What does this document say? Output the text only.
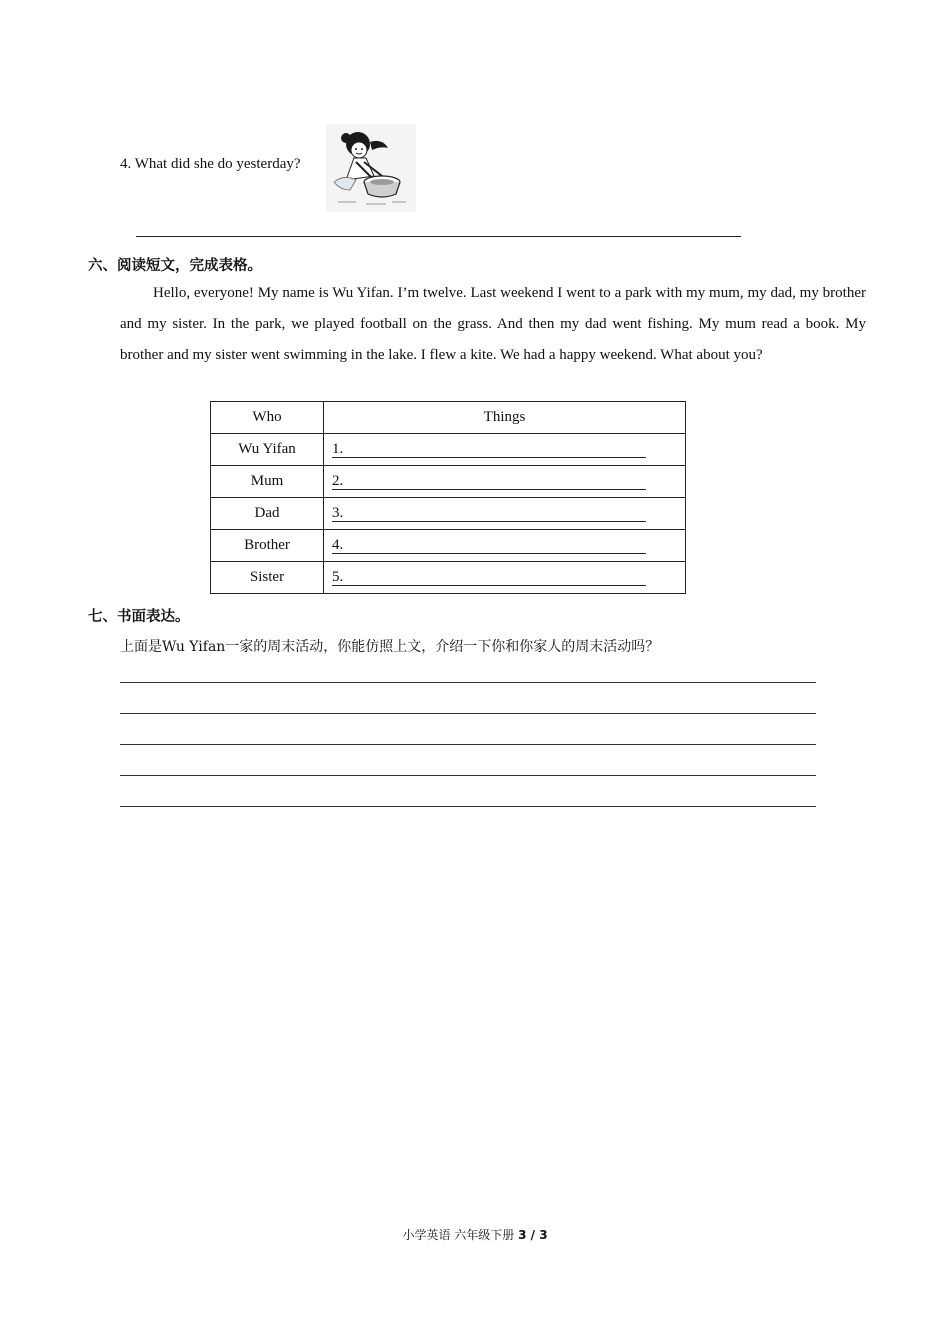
4. What did she do yesterday?
六、阅读短文，完成表格。
Hello, everyone! My name is Wu Yifan. I’m twelve. Last weekend I went to a park with my mum, my dad, my brother and my sister. In the park, we played football on the grass. And then my dad went fishing. My mum read a book. My brother and my sister went swimming in the lake. I flew a kite. We had a happy weekend. What about you?
Who	Things
Wu Yifan	1.
Mum	2.
Dad	3.
Brother	4.
Sister	5.
七、书面表达。
上面是Wu Yifan一家的周末活动，你能仿照上文，介绍一下你和你家人的周末活动吗？
小学英语 六年级下册 3 / 3
